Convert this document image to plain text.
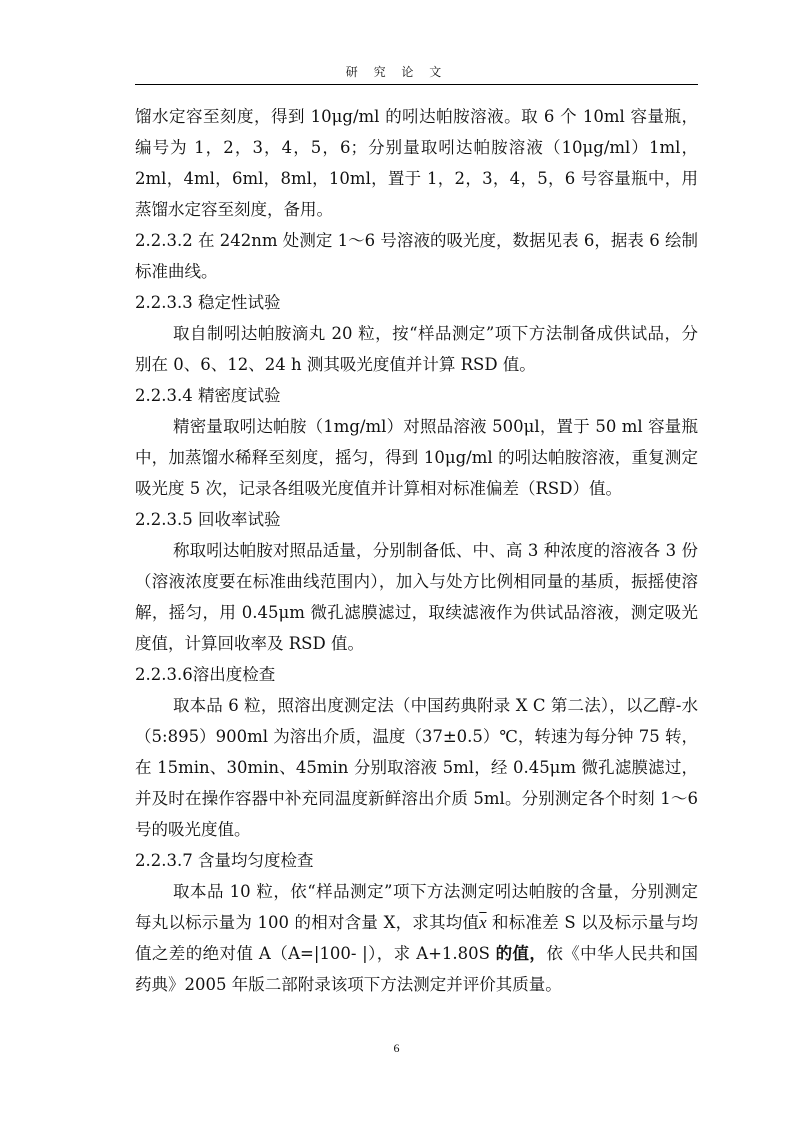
研 究 论 文

馏水定容至刻度，得到 10μg/ml 的吲达帕胺溶液。取 6 个 10ml 容量瓶，编号为 1，2，3，4，5，6；分别量取吲达帕胺溶液（10μg/ml）1ml，2ml，4ml，6ml，8ml，10ml，置于 1，2，3，4，5，6 号容量瓶中，用蒸馏水定容至刻度，备用。

2.2.3.2 在 242nm 处测定 1～6 号溶液的吸光度，数据见表 6，据表 6 绘制标准曲线。

2.2.3.3 稳定性试验

取自制吲达帕胺滴丸 20 粒，按“样品测定”项下方法制备成供试品，分别在 0、6、12、24 h 测其吸光度值并计算 RSD 值。

2.2.3.4 精密度试验

精密量取吲达帕胺（1mg/ml）对照品溶液 500μl，置于 50 ml 容量瓶中，加蒸馏水稀释至刻度，摇匀，得到 10μg/ml 的吲达帕胺溶液，重复测定吸光度 5 次，记录各组吸光度值并计算相对标准偏差（RSD）值。

2.2.3.5 回收率试验

称取吲达帕胺对照品适量，分别制备低、中、高 3 种浓度的溶液各 3 份（溶液浓度要在标准曲线范围内），加入与处方比例相同量的基质，振摇使溶解，摇匀，用 0.45μm 微孔滤膜滤过，取续滤液作为供试品溶液，测定吸光度值，计算回收率及 RSD 值。

2.2.3.6溶出度检查

取本品 6 粒，照溶出度测定法（中国药典附录 X C 第二法），以乙醇-水（5:895）900ml 为溶出介质，温度（37±0.5）℃，转速为每分钟 75 转，在 15min、30min、45min 分别取溶液 5ml，经 0.45μm 微孔滤膜滤过，并及时在操作容器中补充同温度新鲜溶出介质 5ml。分别测定各个时刻 1～6 号的吸光度值。

2.2.3.7 含量均匀度检查

取本品 10 粒，依“样品测定”项下方法测定吲达帕胺的含量，分别测定每丸以标示量为 100 的相对含量 X，求其均值$\overline{x}$ 和标准差 S 以及标示量与均值之差的绝对值 A（A=|100- |），求 A+1.80S 的值，依《中华人民共和国药典》2005 年版二部附录该项下方法测定并评价其质量。

6
